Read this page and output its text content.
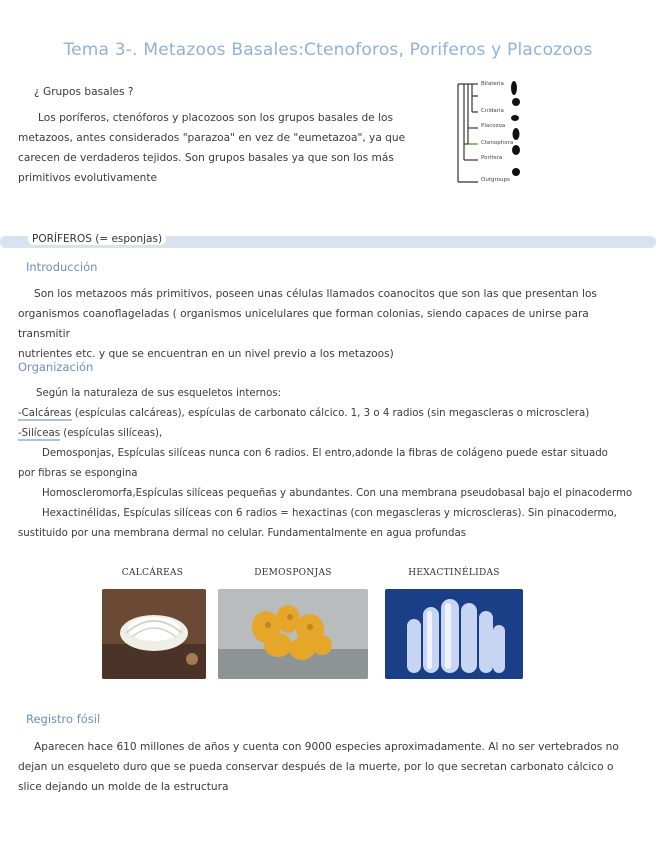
Tema 3-. Metazoos Basales:Ctenoforos, Poriferos y Placozoos
¿ Grupos basales ?
Los poríferos, ctenóforos y placozoos son los grupos basales de los
metazoos, antes considerados "parazoa" en vez de "eumetazoa", ya que
carecen de verdaderos tejidos. Son grupos basales ya que son los más
primitivos evolutivamente
Bilateria
Cnidaria
Placozoa
Ctenophora
Porifera
Outgroups
PORÍFEROS (= esponjas)
Introducción
Son los metazoos más primitivos, poseen unas células llamados coanocitos que son las que presentan los
organismos coanoflageladas ( organismos unicelulares que forman colonias, siendo capaces de unirse para transmitir
nutrientes etc. y que se encuentran en un nivel previo a los metazoos)
Organización
Según la naturaleza de sus esqueletos internos:
-Calcáreas (espículas calcáreas), espículas de carbonato cálcico. 1, 3 o 4 radios (sin megascleras o microsclera)
-Silíceas (espículas silíceas),
Demosponjas, Espículas silíceas nunca con 6 radios. El entro,adonde la fibras de colágeno puede estar situado
por fibras se espongina
Homoscleromorfa,Espículas silíceas pequeñas y abundantes. Con una membrana pseudobasal bajo el pinacodermo
Hexactinélidas, Espículas silíceas con 6 radios = hexactinas (con megascleras y microscleras). Sin pinacodermo,
sustituido por una membrana dermal no celular. Fundamentalmente en agua profundas
CALCÁREAS	DEMOSPONJAS	HEXACTINÉLIDAS
Registro fósil
Aparecen hace 610 millones de años y cuenta con 9000 especies aproximadamente. Al no ser vertebrados no
dejan un esqueleto duro que se pueda conservar después de la muerte, por lo que secretan carbonato cálcico o
slice dejando un molde de la estructura
